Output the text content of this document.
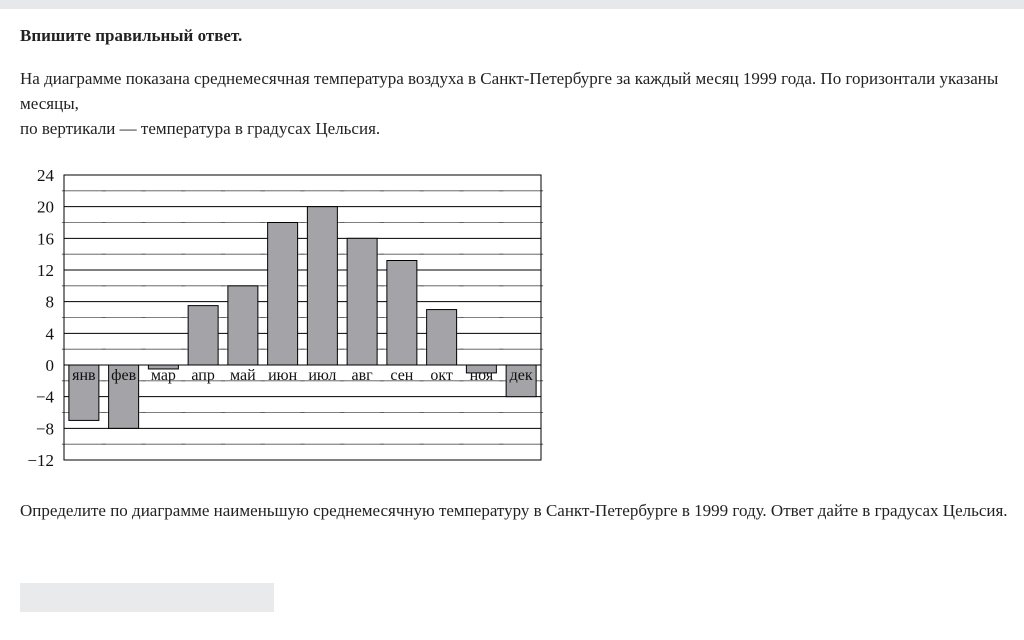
Впишите правильный ответ.

На диаграмме показана среднемесячная температура воздуха в Санкт-Петербурге за каждый месяц 1999 года. По горизонтали указаны месяцы,

по вертикали — температура в градусах Цельсия.

24
20
16
12
8
4
0
−4
−8
−12
янв фев мар апр май июн июл авг сен окт ноя дек
Определите по диаграмме наименьшую среднемесячную температуру в Санкт-Петербурге в 1999 году. Ответ дайте в градусах Цельсия.
